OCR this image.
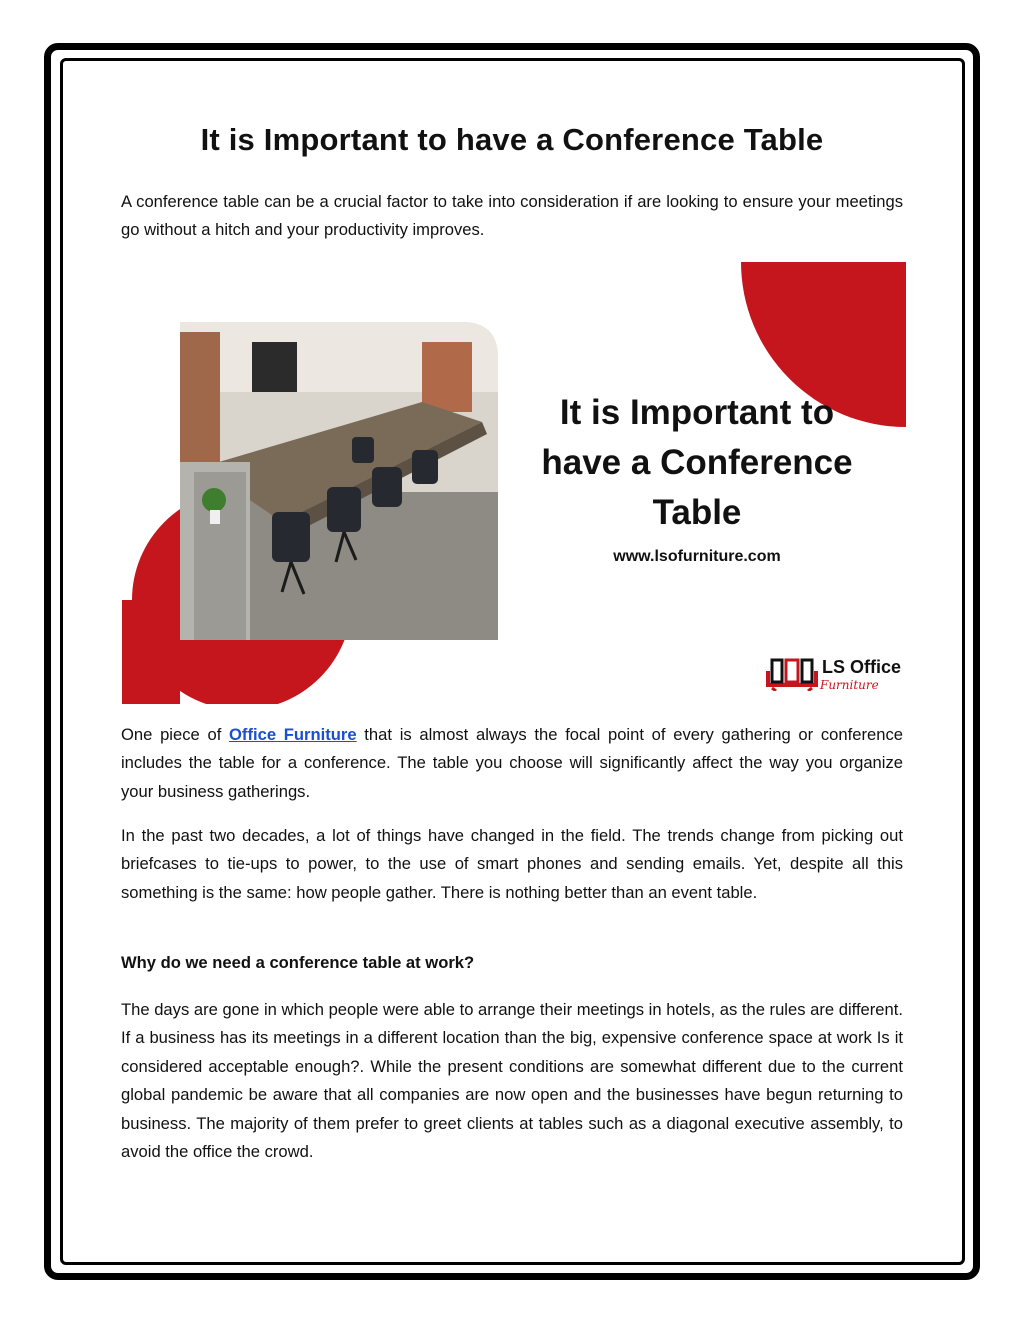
It is Important to have a Conference Table

A conference table can be a crucial factor to take into consideration if are looking to ensure your meetings go without a hitch and your productivity improves.

It is Important to
have a Conference
Table

www.lsofurniture.com

LS Office
Furniture

One piece of Office Furniture that is almost always the focal point of every gathering or conference includes the table for a conference. The table you choose will significantly affect the way you organize your business gatherings.

In the past two decades, a lot of things have changed in the field. The trends change from picking out briefcases to tie-ups to power, to the use of smart phones and sending emails. Yet, despite all this something is the same: how people gather. There is nothing better than an event table.

Why do we need a conference table at work?

The days are gone in which people were able to arrange their meetings in hotels, as the rules are different. If a business has its meetings in a different location than the big, expensive conference space at work Is it considered acceptable enough?. While the present conditions are somewhat different due to the current global pandemic be aware that all companies are now open and the businesses have begun returning to business. The majority of them prefer to greet clients at tables such as a diagonal executive assembly, to avoid the office the crowd.
